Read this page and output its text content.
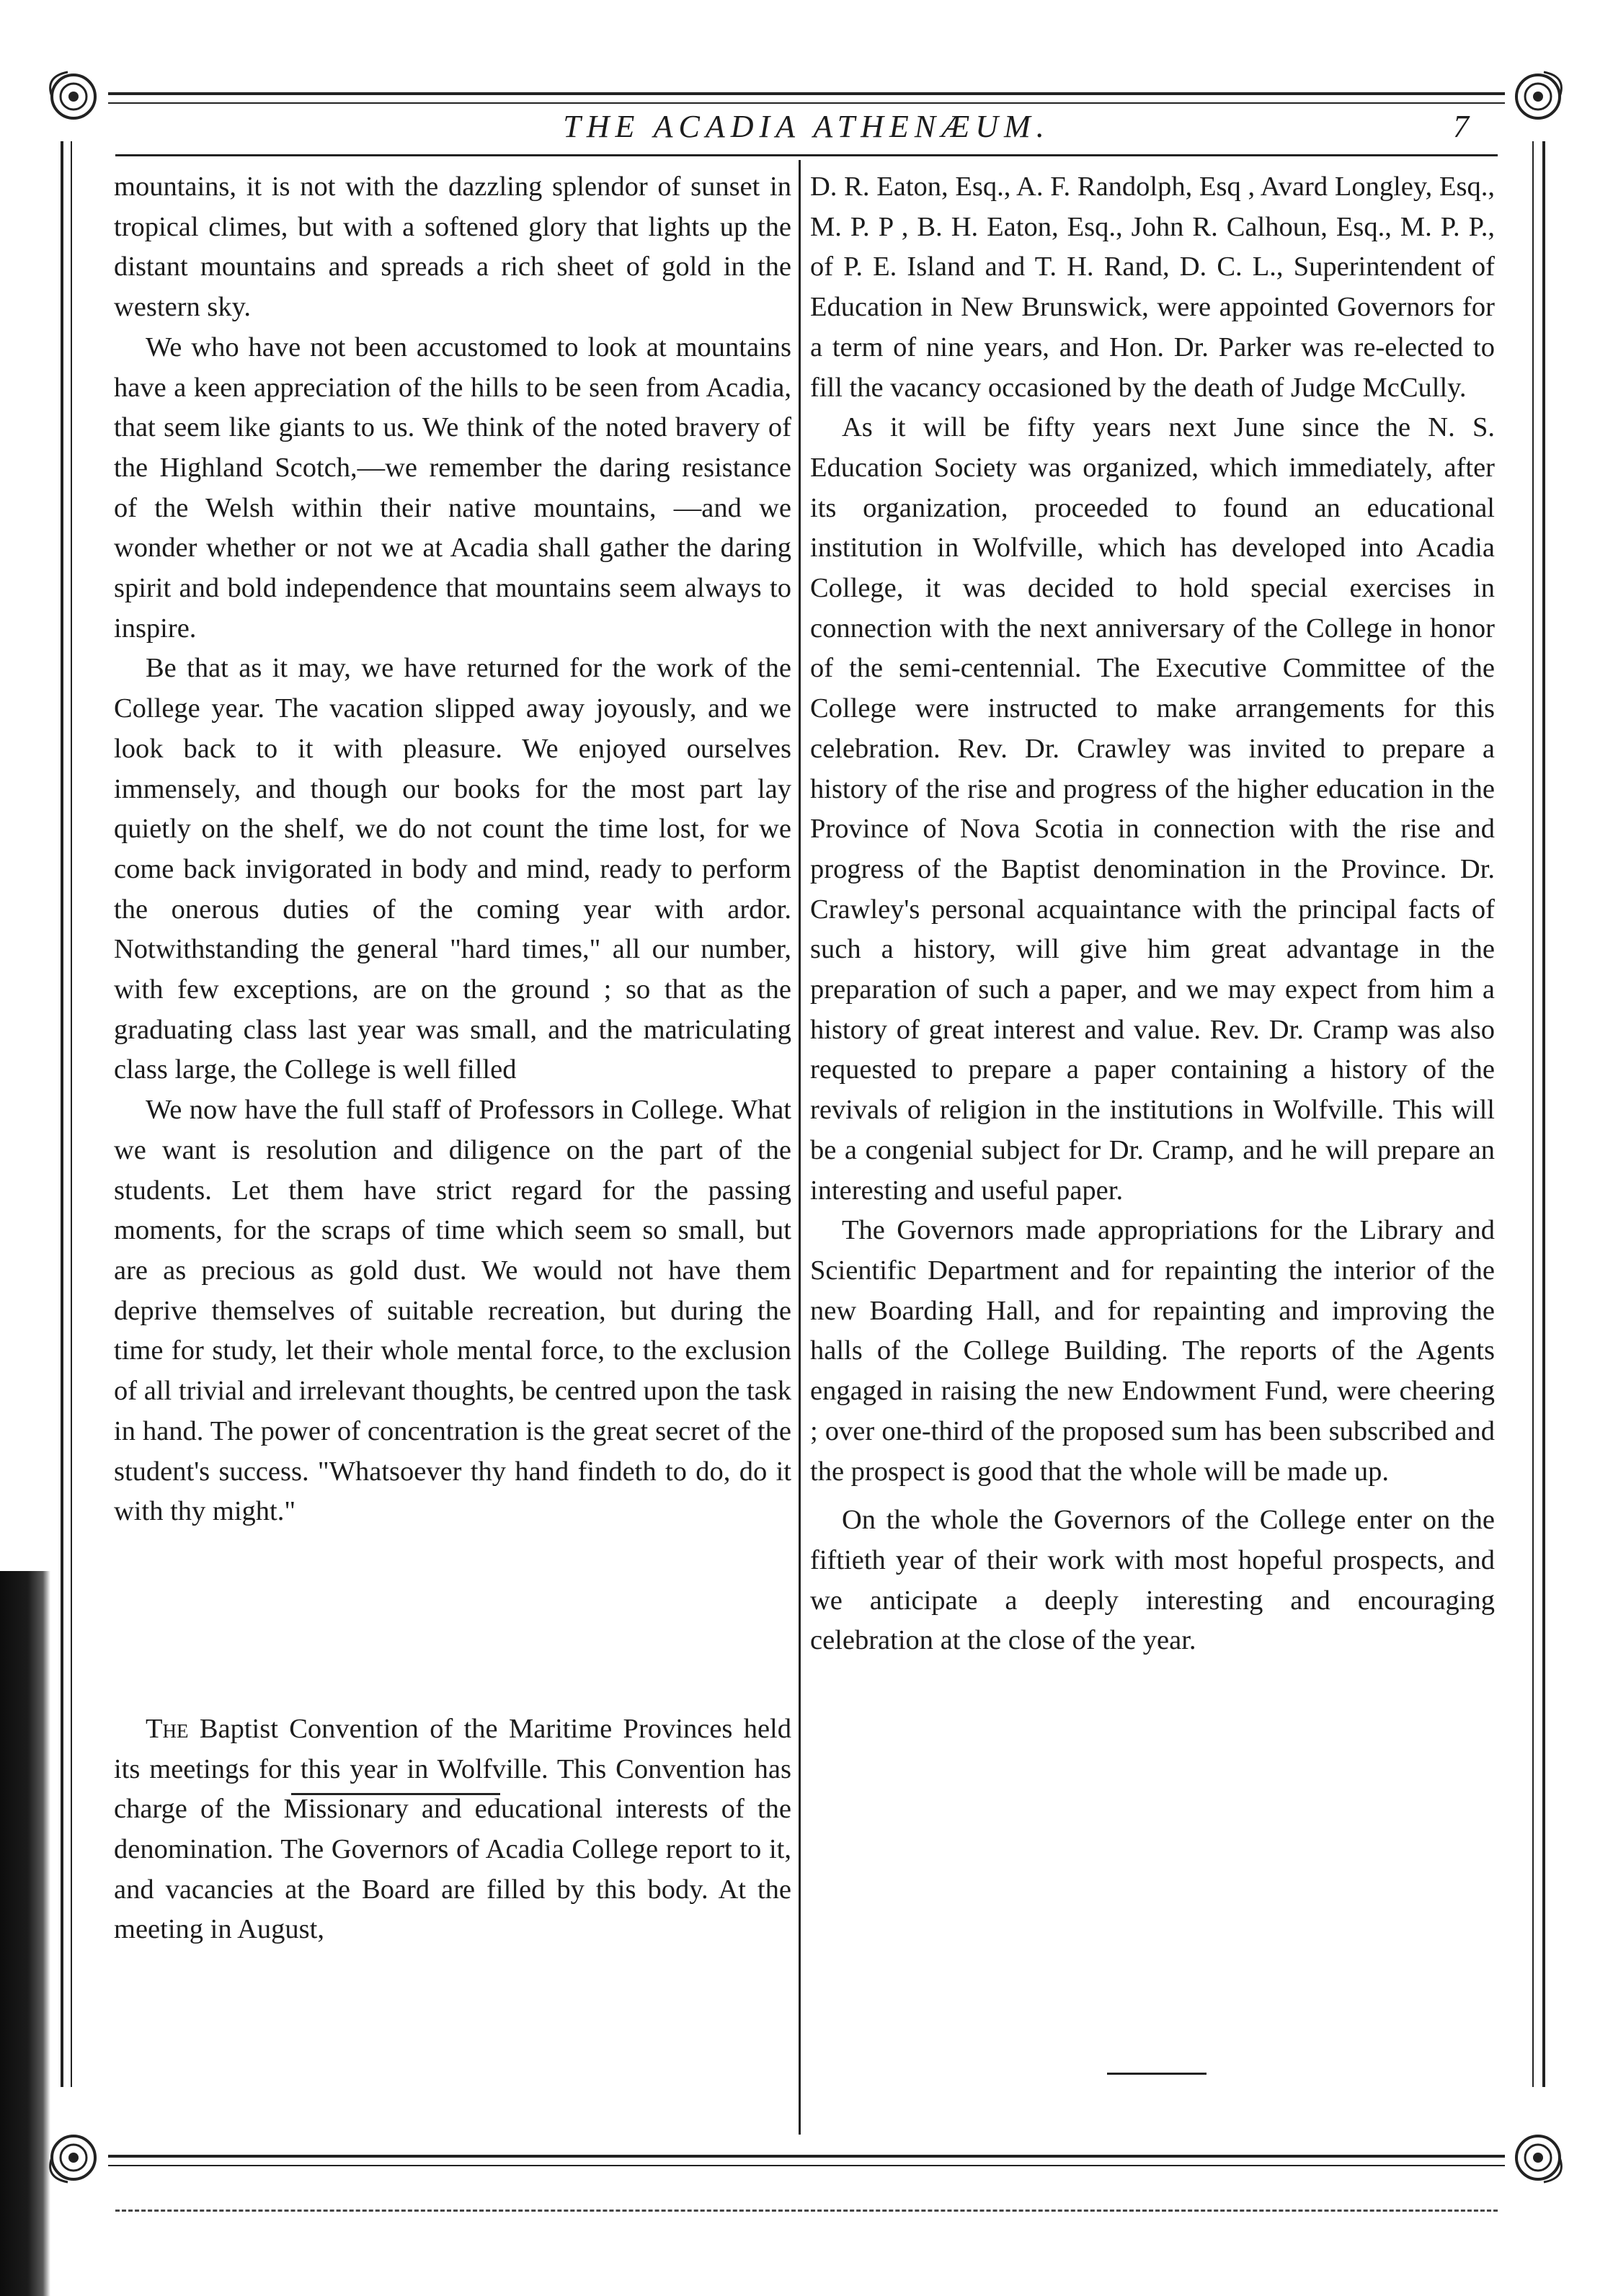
THE ACADIA ATHENÆUM.	7

mountains, it is not with the dazzling splendor of sunset in tropical climes, but with a softened glory that lights up the distant mountains and spreads a rich sheet of gold in the western sky.

We who have not been accustomed to look at mountains have a keen appreciation of the hills to be seen from Acadia, that seem like giants to us. We think of the noted bravery of the Highland Scotch,—we remember the daring resistance of the Welsh within their native mountains, —and we wonder whether or not we at Acadia shall gather the daring spirit and bold independence that mountains seem always to inspire.

Be that as it may, we have returned for the work of the College year. The vacation slipped away joyously, and we look back to it with pleasure. We enjoyed ourselves immensely, and though our books for the most part lay quietly on the shelf, we do not count the time lost, for we come back invigorated in body and mind, ready to perform the onerous duties of the coming year with ardor. Notwithstanding the general "hard times," all our number, with few exceptions, are on the ground ; so that as the graduating class last year was small, and the matriculating class large, the College is well filled

We now have the full staff of Professors in College. What we want is resolution and diligence on the part of the students. Let them have strict regard for the passing moments, for the scraps of time which seem so small, but are as precious as gold dust. We would not have them deprive themselves of suitable recreation, but during the time for study, let their whole mental force, to the exclusion of all trivial and irrelevant thoughts, be centred upon the task in hand. The power of concentration is the great secret of the student's success. "Whatsoever thy hand findeth to do, do it with thy might."

The Baptist Convention of the Maritime Provinces held its meetings for this year in Wolfville. This Convention has charge of the Missionary and educational interests of the denomination. The Governors of Acadia College report to it, and vacancies at the Board are filled by this body. At the meeting in August,

D. R. Eaton, Esq., A. F. Randolph, Esq , Avard Longley, Esq., M. P. P , B. H. Eaton, Esq., John R. Calhoun, Esq., M. P. P., of P. E. Island and T. H. Rand, D. C. L., Superintendent of Education in New Brunswick, were appointed Governors for a term of nine years, and Hon. Dr. Parker was re-elected to fill the vacancy occasioned by the death of Judge McCully.

As it will be fifty years next June since the N. S. Education Society was organized, which immediately, after its organization, proceeded to found an educational institution in Wolfville, which has developed into Acadia College, it was decided to hold special exercises in connection with the next anniversary of the College in honor of the semi-centennial. The Executive Committee of the College were instructed to make arrangements for this celebration. Rev. Dr. Crawley was invited to prepare a history of the rise and progress of the higher education in the Province of Nova Scotia in connection with the rise and progress of the Baptist denomination in the Province. Dr. Crawley's personal acquaintance with the principal facts of such a history, will give him great advantage in the preparation of such a paper, and we may expect from him a history of great interest and value. Rev. Dr. Cramp was also requested to prepare a paper containing a history of the revivals of religion in the institutions in Wolfville. This will be a congenial subject for Dr. Cramp, and he will prepare an interesting and useful paper.

The Governors made appropriations for the Library and Scientific Department and for repainting the interior of the new Boarding Hall, and for repainting and improving the halls of the College Building. The reports of the Agents engaged in raising the new Endowment Fund, were cheering ; over one-third of the proposed sum has been subscribed and the prospect is good that the whole will be made up.

On the whole the Governors of the College enter on the fiftieth year of their work with most hopeful prospects, and we anticipate a deeply interesting and encouraging celebration at the close of the year.
